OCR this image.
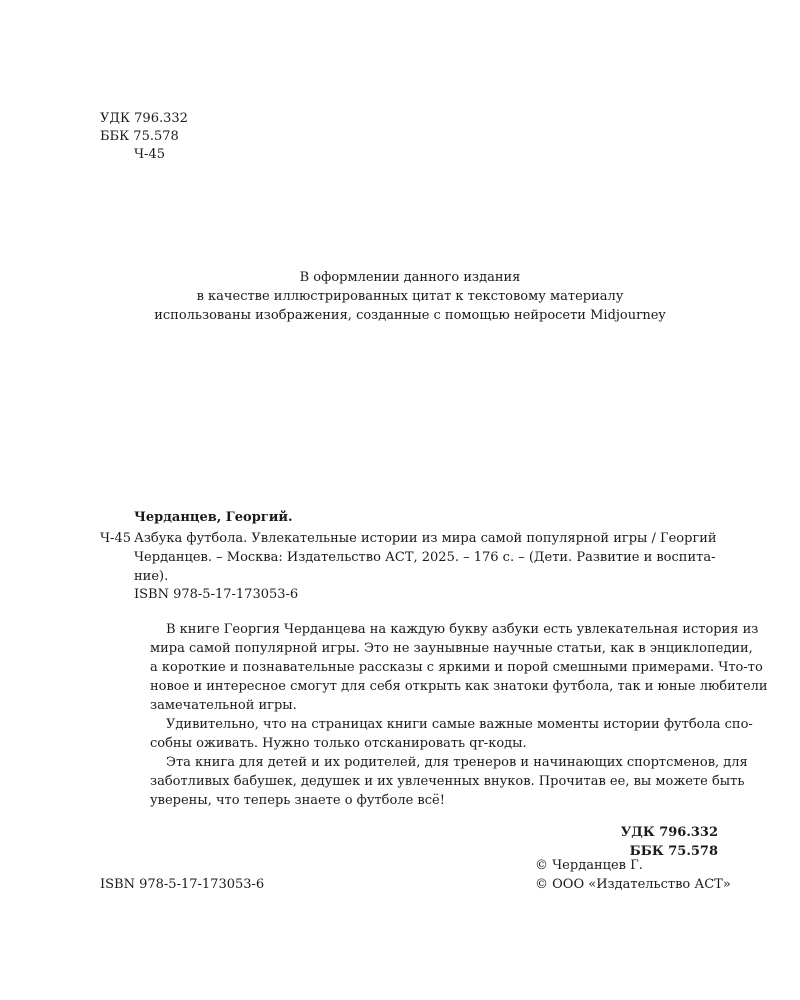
УДК 796.332
ББК 75.578
Ч-45
В оформлении данного издания
в качестве иллюстрированных цитат к текстовому материалу
использованы изображения, созданные с помощью нейросети Midjourney
Черданцев, Георгий.
Ч-45 Азбука футбола. Увлекательные истории из мира самой популярной игры / Георгий
Черданцев. – Москва: Издательство АСТ, 2025. – 176 с. – (Дети. Развитие и воспита-
ние).
ISBN 978-5-17-173053-6

В книге Георгия Черданцева на каждую букву азбуки есть увлекательная история из
мира самой популярной игры. Это не заунывные научные статьи, как в энциклопедии,
а короткие и познавательные рассказы с яркими и порой смешными примерами. Что-то
новое и интересное смогут для себя открыть как знатоки футбола, так и юные любители
замечательной игры.

Удивительно, что на страницах книги самые важные моменты истории футбола спо-
собны оживать. Нужно только отсканировать qr-коды.

Эта книга для детей и их родителей, для тренеров и начинающих спортсменов, для
заботливых бабушек, дедушек и их увлеченных внуков. Прочитав ее, вы можете быть
уверены, что теперь знаете о футболе всё!

УДК 796.332
ББК 75.578
ISBN 978-5-17-173053-6
© Черданцев Г.
© ООО «Издательство АСТ»
